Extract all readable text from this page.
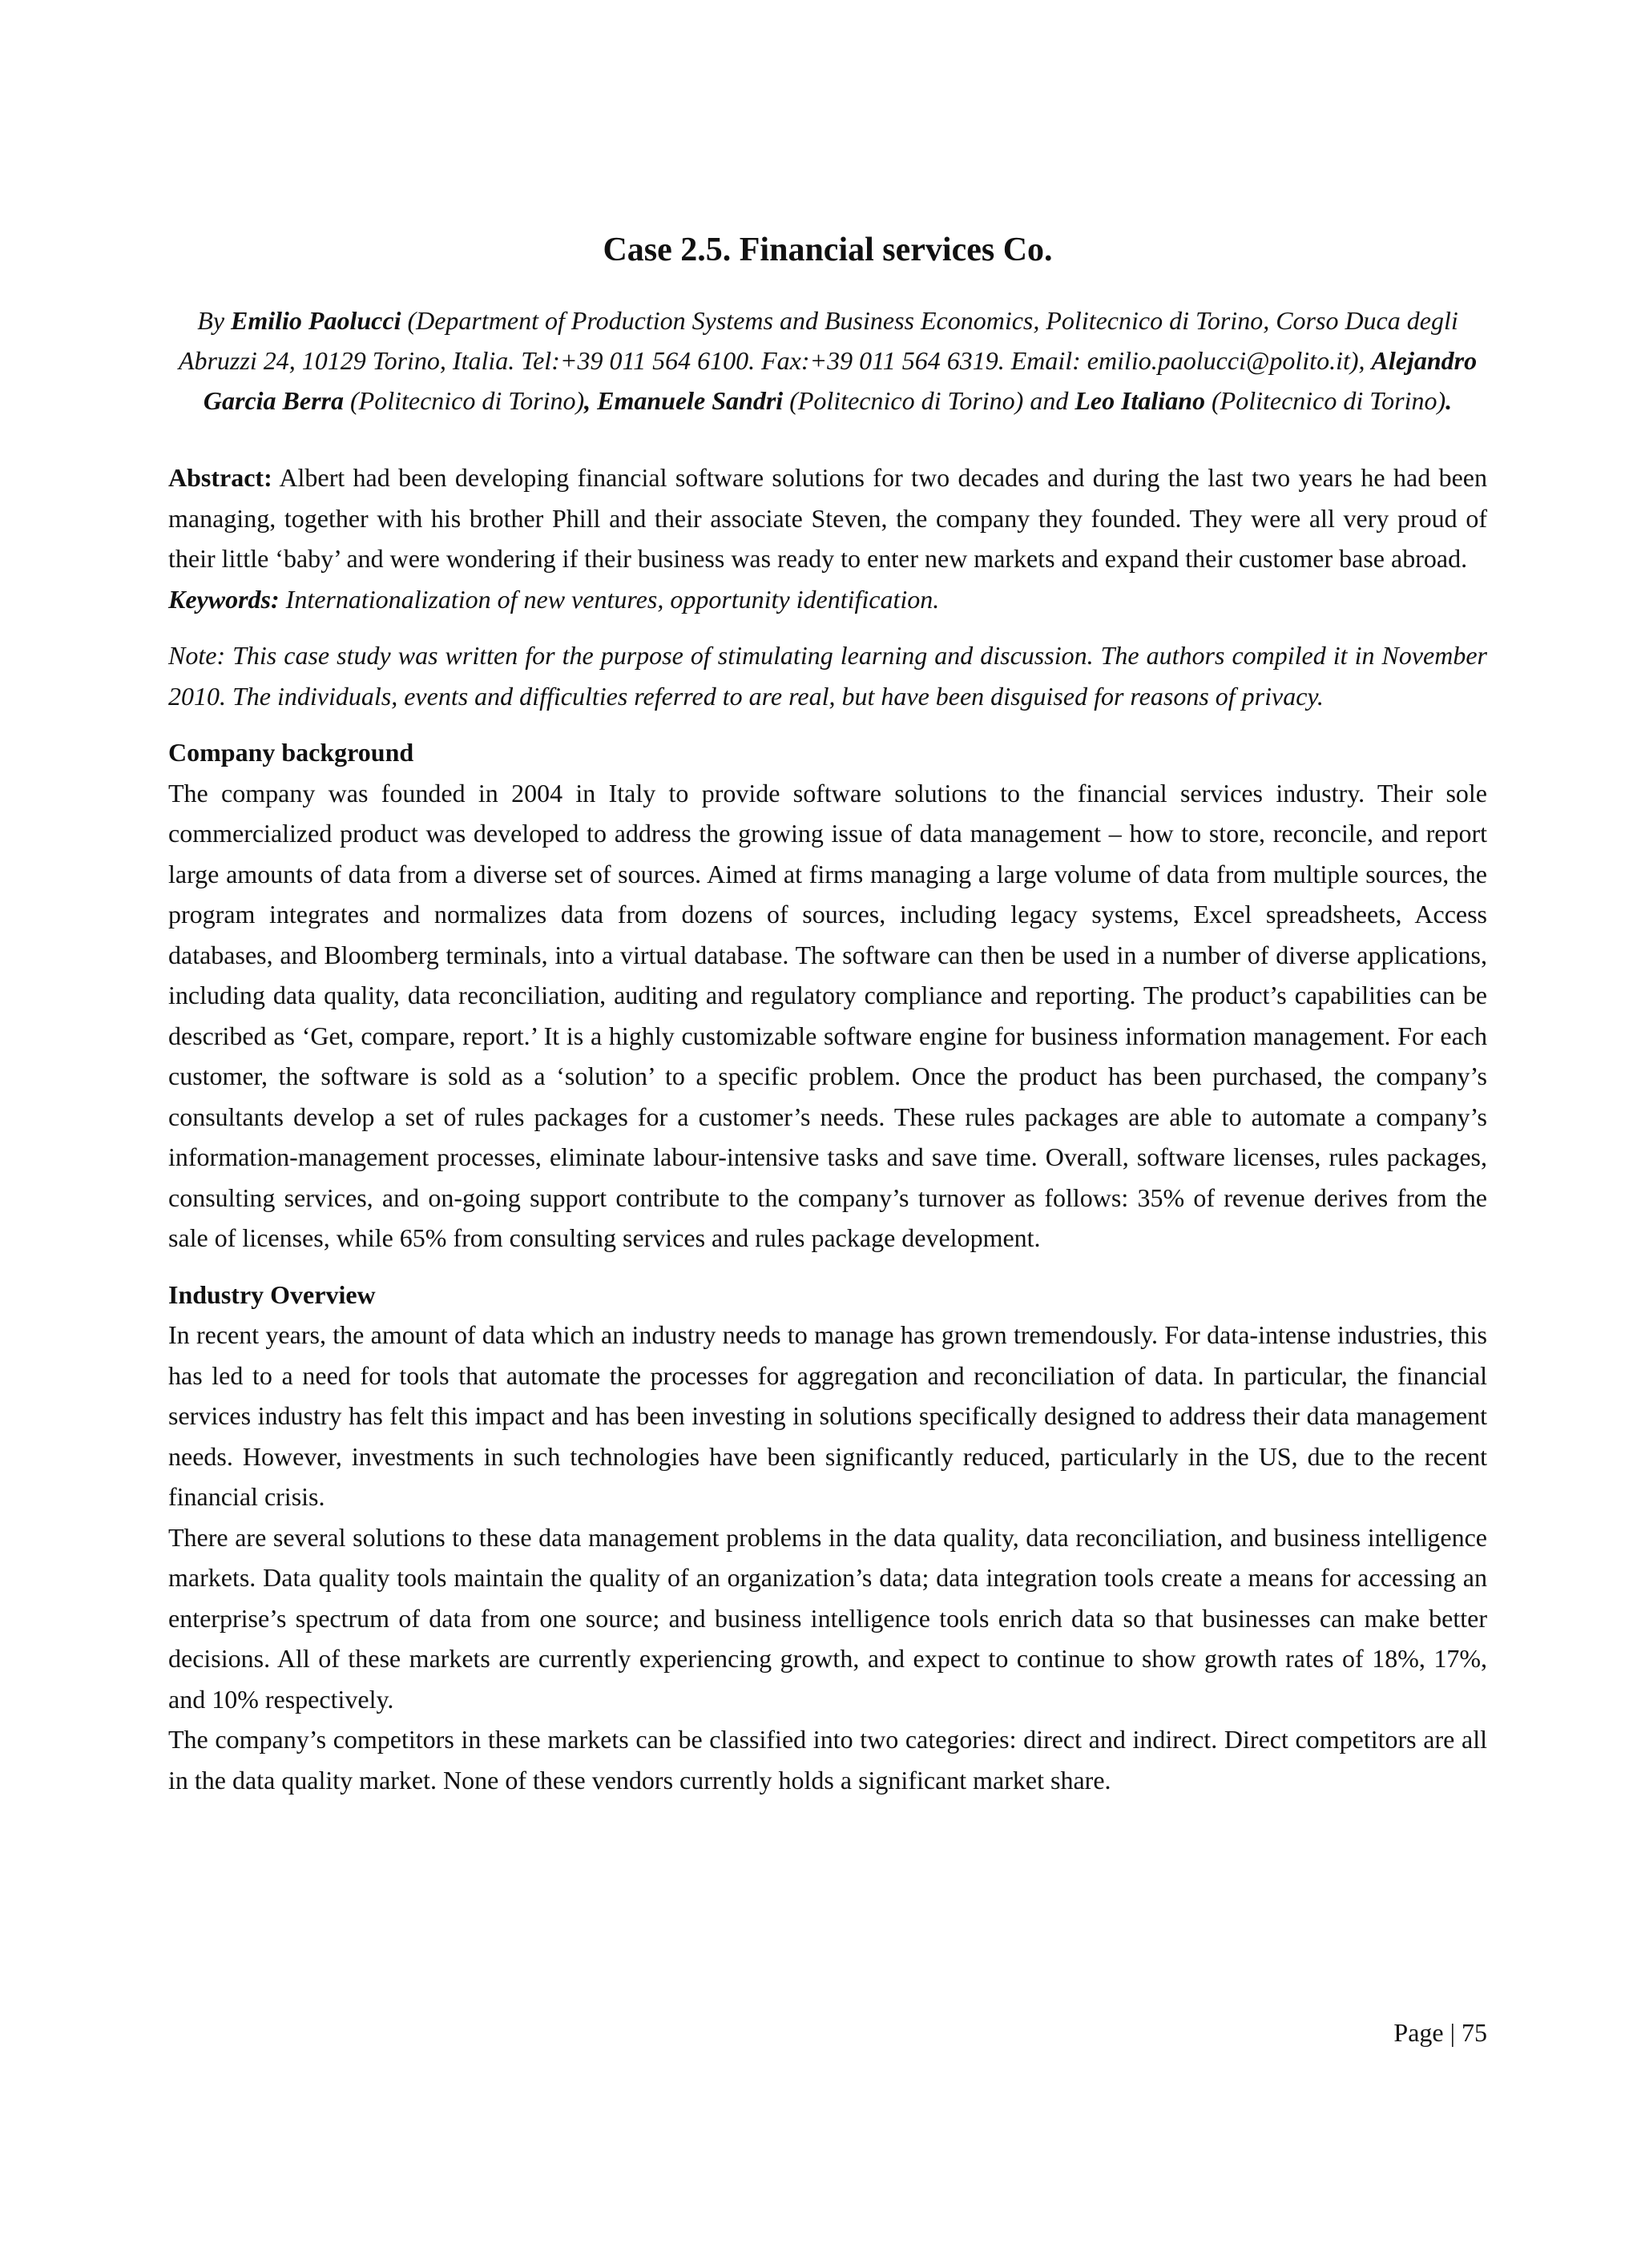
Case 2.5. Financial services Co.

By Emilio Paolucci (Department of Production Systems and Business Economics, Politecnico di Torino, Corso Duca degli Abruzzi 24, 10129 Torino, Italia. Tel:+39 011 564 6100. Fax:+39 011 564 6319. Email: emilio.paolucci@polito.it), Alejandro Garcia Berra (Politecnico di Torino), Emanuele Sandri (Politecnico di Torino) and Leo Italiano (Politecnico di Torino).

Abstract: Albert had been developing financial software solutions for two decades and during the last two years he had been managing, together with his brother Phill and their associate Steven, the company they founded. They were all very proud of their little ‘baby’ and were wondering if their business was ready to enter new markets and expand their customer base abroad.

Keywords: Internationalization of new ventures, opportunity identification.

Note: This case study was written for the purpose of stimulating learning and discussion. The authors compiled it in November 2010. The individuals, events and difficulties referred to are real, but have been disguised for reasons of privacy.

Company background

The company was founded in 2004 in Italy to provide software solutions to the financial services industry. Their sole commercialized product was developed to address the growing issue of data management – how to store, reconcile, and report large amounts of data from a diverse set of sources. Aimed at firms managing a large volume of data from multiple sources, the program integrates and normalizes data from dozens of sources, including legacy systems, Excel spreadsheets, Access databases, and Bloomberg terminals, into a virtual database. The software can then be used in a number of diverse applications, including data quality, data reconciliation, auditing and regulatory compliance and reporting. The product’s capabilities can be described as ‘Get, compare, report.’ It is a highly customizable software engine for business information management. For each customer, the software is sold as a ‘solution’ to a specific problem. Once the product has been purchased, the company’s consultants develop a set of rules packages for a customer’s needs. These rules packages are able to automate a company’s information-management processes, eliminate labour-intensive tasks and save time. Overall, software licenses, rules packages, consulting services, and on-going support contribute to the company’s turnover as follows: 35% of revenue derives from the sale of licenses, while 65% from consulting services and rules package development.

Industry Overview

In recent years, the amount of data which an industry needs to manage has grown tremendously. For data-intense industries, this has led to a need for tools that automate the processes for aggregation and reconciliation of data. In particular, the financial services industry has felt this impact and has been investing in solutions specifically designed to address their data management needs. However, investments in such technologies have been significantly reduced, particularly in the US, due to the recent financial crisis.

There are several solutions to these data management problems in the data quality, data reconciliation, and business intelligence markets. Data quality tools maintain the quality of an organization’s data; data integration tools create a means for accessing an enterprise’s spectrum of data from one source; and business intelligence tools enrich data so that businesses can make better decisions. All of these markets are currently experiencing growth, and expect to continue to show growth rates of 18%, 17%, and 10% respectively.

The company’s competitors in these markets can be classified into two categories: direct and indirect. Direct competitors are all in the data quality market. None of these vendors currently holds a significant market share.

Page | 75
